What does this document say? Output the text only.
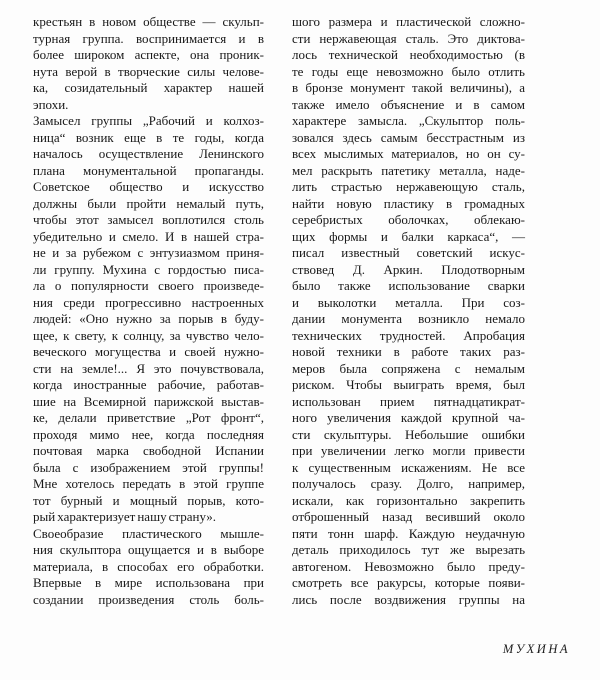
крестьян в новом обществе — скульп-
турная группа. воспринимается и в
более широком аспекте, она проник-
нута верой в творческие силы челове-
ка, созидательный характер нашей
эпохи.
Замысел группы „Рабочий и колхоз-
ница“ возник еще в те годы, когда
началось осуществление Ленинского
плана монументальной пропаганды.
Советское общество и искусство
должны были пройти немалый путь,
чтобы этот замысел воплотился столь
убедительно и смело. И в нашей стра-
не и за рубежом с энтузиазмом приня-
ли группу. Мухина с гордостью писа-
ла о популярности своего произведе-
ния среди прогрессивно настроенных
людей: «Оно нужно за порыв в буду-
щее, к свету, к солнцу, за чувство чело-
веческого могущества и своей нужно-
сти на земле!... Я это почувствовала,
когда иностранные рабочие, работав-
шие на Всемирной парижской выстав-
ке, делали приветствие „Рот фронт“,
проходя мимо нее, когда последняя
почтовая марка свободной Испании
была с изображением этой группы!
Мне хотелось передать в этой группе
тот бурный и мощный порыв, кото-
рый характеризует нашу страну».
Своеобразие пластического мышле-
ния скульптора ощущается и в выборе
материала, в способах его обработки.
Впервые в мире использована при
создании произведения столь боль-
шого размера и пластической сложно-
сти нержавеющая сталь. Это диктова-
лось технической необходимостью (в
те годы еще невозможно было отлить
в бронзе монумент такой величины), а
также имело объяснение и в самом
характере замысла. „Скульптор поль-
зовался здесь самым бесстрастным из
всех мыслимых материалов, но он су-
мел раскрыть патетику металла, наде-
лить страстью нержавеющую сталь,
найти новую пластику в громадных
серебристых оболочках, облекаю-
щих формы и балки каркаса“, —
писал известный советский искус-
ствовед Д. Аркин. Плодотворным
было также использование сварки
и выколотки металла. При соз-
дании монумента возникло немало
технических трудностей. Апробация
новой техники в работе таких раз-
меров была сопряжена с немалым
риском. Чтобы выиграть время, был
использован прием пятнадцатикрат-
ного увеличения каждой крупной ча-
сти скульптуры. Небольшие ошибки
при увеличении легко могли привести
к существенным искажениям. Не все
получалось сразу. Долго, например,
искали, как горизонтально закрепить
отброшенный назад весивший около
пяти тонн шарф. Каждую неудачную
деталь приходилось тут же вырезать
автогеном. Невозможно было преду-
смотреть все ракурсы, которые появи-
лись после воздвижения группы на
МУХИНА
